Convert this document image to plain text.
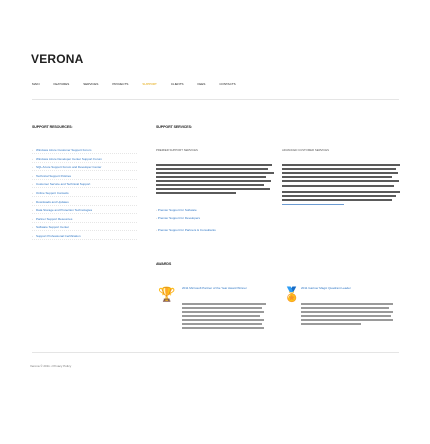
VERONA
MAIN	FEATURES	SERVICES	PROJECTS	SUPPORT	CLIENTS	FEES	CONTACTS
SUPPORT RESOURCES:
› Windows Azure Customer Support Forum
› Windows Azure Developer Center Support Forum
› SQL Azure Support Forum and Developer Center
› Technical Support Policies
› Customer Service and Technical Support
› Online Support Contacts
› Downloads and Updates
› Data Storage and Protection Technologies
› Partner Support Resources
› Software Support Center
› Support Professional Certification
SUPPORT SERVICES:
PREMIER SUPPORT SERVICES	ADVANCED CUSTOMER SERVICES
› Premier Support for Software
› Premier Support for Developers
› Premier Support for Partners & Consultants
AWARDS
🏆 2011 Microsoft Partner of the Year Award Winner	🏅 2011 Gartner Magic Quadrant Leader
Verona © 2011 • Privacy Policy
